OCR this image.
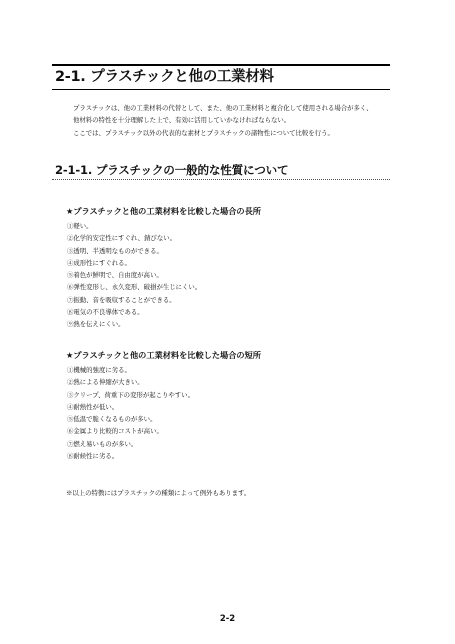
2-1. プラスチックと他の工業材料

プラスチックは、他の工業材料の代替として、また、他の工業材料と複合化して使用される場合が多く、

他材料の特性を十分理解した上で、有効に活用していかなければならない。

ここでは、プラスチック以外の代表的な素材とプラスチックの諸物性について比較を行う。

2-1-1. プラスチックの一般的な性質について
★プラスチックと他の工業材料を比較した場合の長所
①軽い。
②化学的安定性にすぐれ、錆びない。
③透明、半透明なものができる。
④成形性にすぐれる。
⑤着色が鮮明で、自由度が高い。
⑥弾性変形し、永久変形、破損が生じにくい。
⑦振動、音を吸収することができる。
⑧電気の不良導体である。
⑨熱を伝えにくい。
★プラスチックと他の工業材料を比較した場合の短所
①機械的強度に劣る。
②熱による伸縮が大きい。
③クリープ、荷重下の変形が起こりやすい。
④耐熱性が低い。
⑤低温で脆くなるものが多い。
⑥金属より比較的コストが高い。
⑦燃え易いものが多い。
⑧耐候性に劣る。
※以上の特徴にはプラスチックの種類によって例外もあります。
2-2
